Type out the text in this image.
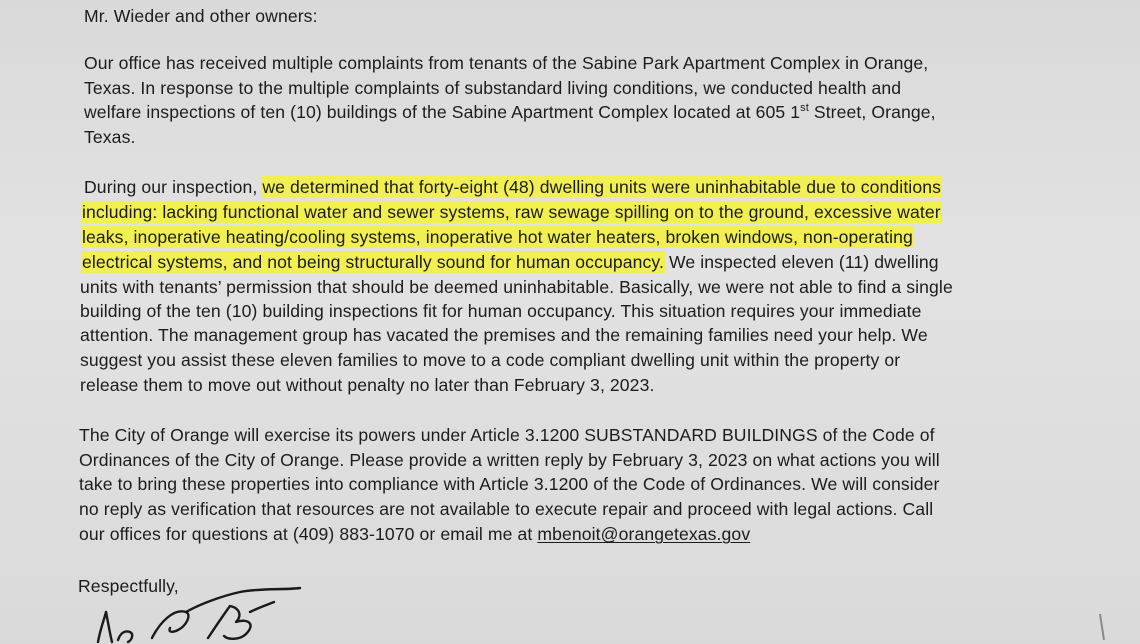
Mr. Wieder and other owners:
Our office has received multiple complaints from tenants of the Sabine Park Apartment Complex in Orange,
Texas. In response to the multiple complaints of substandard living conditions, we conducted health and
welfare inspections of ten (10) buildings of the Sabine Apartment Complex located at 605 1st Street, Orange,
Texas.
During our inspection, we determined that forty-eight (48) dwelling units were uninhabitable due to conditions
including: lacking functional water and sewer systems, raw sewage spilling on to the ground, excessive water
leaks, inoperative heating/cooling systems, inoperative hot water heaters, broken windows, non-operating
electrical systems, and not being structurally sound for human occupancy. We inspected eleven (11) dwelling
units with tenants’ permission that should be deemed uninhabitable. Basically, we were not able to find a single
building of the ten (10) building inspections fit for human occupancy. This situation requires your immediate
attention. The management group has vacated the premises and the remaining families need your help. We
suggest you assist these eleven families to move to a code compliant dwelling unit within the property or
release them to move out without penalty no later than February 3, 2023.
The City of Orange will exercise its powers under Article 3.1200 SUBSTANDARD BUILDINGS of the Code of
Ordinances of the City of Orange. Please provide a written reply by February 3, 2023 on what actions you will
take to bring these properties into compliance with Article 3.1200 of the Code of Ordinances. We will consider
no reply as verification that resources are not available to execute repair and proceed with legal actions. Call
our offices for questions at (409) 883-1070 or email me at mbenoit@orangetexas.gov
Respectfully,
